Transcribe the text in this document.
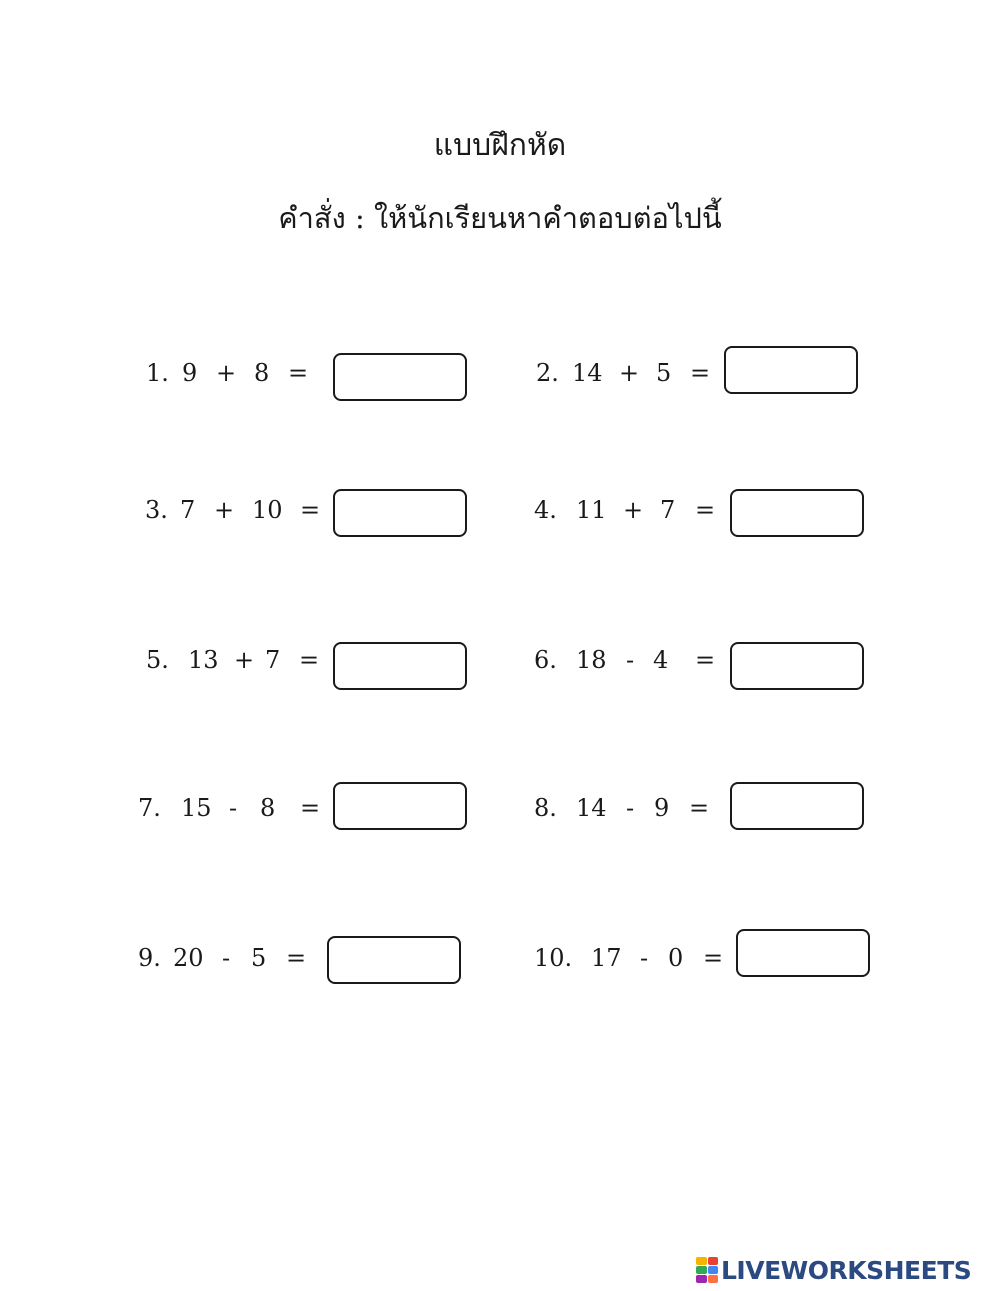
แบบฝึกหัด
คำสั่ง : ให้นักเรียนหาคำตอบต่อไปนี้
1. 9 + 8 =	2. 14 + 5 =
3. 7 + 10 =	4. 11 + 7 =
5. 13 + 7 =	6. 18 - 4 =
7. 15 - 8 =	8. 14 - 9 =
9. 20 - 5 =	10. 17 - 0 =
LIVEWORKSHEETS
